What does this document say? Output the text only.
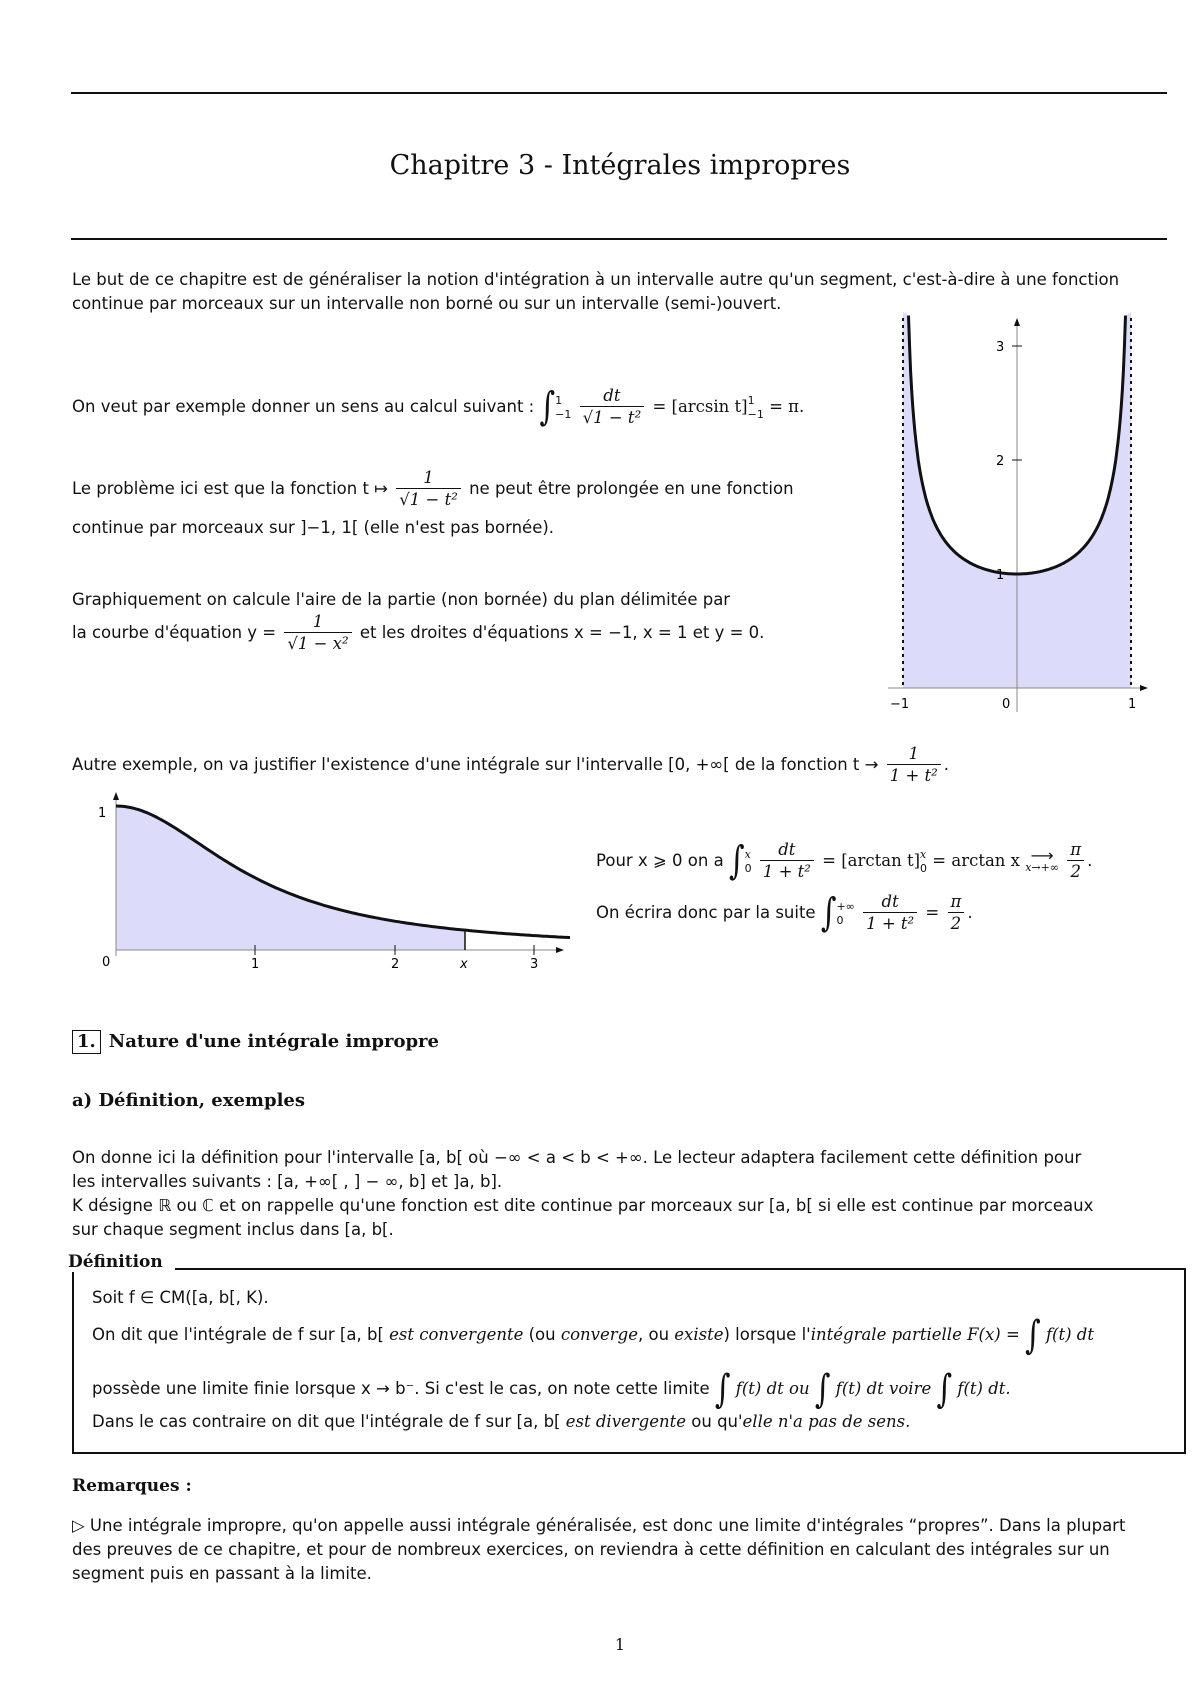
Chapitre 3 - Intégrales impropres
Le but de ce chapitre est de généraliser la notion d'intégration à un intervalle autre qu'un segment, c'est-à-dire à une fonction
continue par morceaux sur un intervalle non borné ou sur un intervalle (semi-)ouvert.
On veut par exemple donner un sens au calcul suivant : ∫ 1
−1
$\frac{dt}{\text{√1 − t²}} = [\arcsin$ t] 1
−1 = π.
Le problème ici est que la fonction t ↦ $\frac{1}{\text{√1 − t²}}$ ne peut être prolongée en une fonction
continue par morceaux sur ]−1, 1[ (elle n'est pas bornée).
Graphiquement on calcule l'aire de la partie (non bornée) du plan délimitée par
la courbe d'équation $y = \frac{1}{\text{√1 − x²}}$ et les droites d'équations x = −1, x = 1 et y = 0.
3
2
1
−1	0	1
Autre exemple, on va justifier l'existence d'une intégrale sur l'intervalle [0, +∞[ de la fonction $t \to \frac{1}{\text{1 + t²}}$ .
1
0	1	2	x	3
Pour x ⩾ 0 on a ∫ x
0
$\frac{dt}{\text{1 + t²}} = [\arctan$ t] x
0 = arctan x ⟶
x→+∞
$\frac{\pi}{2}$ .
On écrira donc par la suite ∫ +∞
0
	$\frac{dt}{\text{1 + t²}} = \frac{\pi}{2}$ .
1. Nature d'une intégrale impropre
a) Définition, exemples
On donne ici la définition pour l'intervalle [a, b[ où −∞ < a < b < +∞. Le lecteur adaptera facilement cette définition pour
les intervalles suivants : [a, +∞[ , ] − ∞, b] et ]a, b].
K désigne ℝ ou ℂ et on rappelle qu'une fonction est dite continue par morceaux sur [a, b[ si elle est continue par morceaux
sur chaque segment inclus dans [a, b[.
Définition
Soit f ∈ CM([a, b[, K).
On dit que l'intégrale de f sur [a, b[ est convergente (ou converge, ou existe) lorsque l'intégrale partielle F(x) = ∫ f(t) dt
possède une limite finie lorsque x → b⁻. Si c'est le cas, on note cette limite ∫ f(t) dt ou ∫ f(t) dt voire ∫ f(t) dt.
Dans le cas contraire on dit que l'intégrale de f sur [a, b[ est divergente ou qu'elle n'a pas de sens.
Remarques :
▷ Une intégrale impropre, qu'on appelle aussi intégrale généralisée, est donc une limite d'intégrales “propres”. Dans la plupart
des preuves de ce chapitre, et pour de nombreux exercices, on reviendra à cette définition en calculant des intégrales sur un
segment puis en passant à la limite.
1
